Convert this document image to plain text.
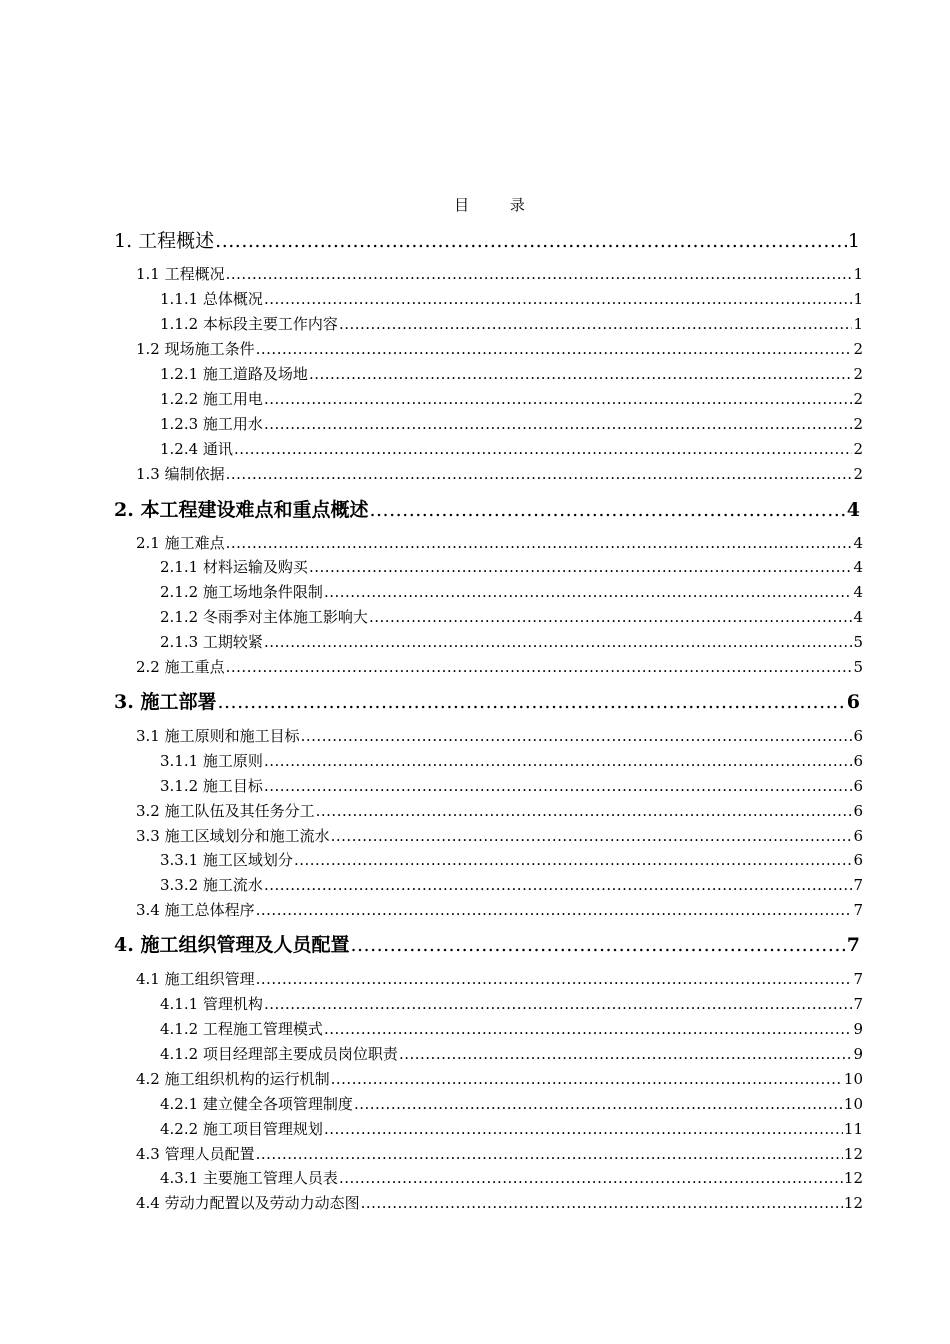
目 录
1. 工程概述 .....	1
1.1 工程概况 .....	1
1.1.1 总体概况 .....	1
1.1.2 本标段主要工作内容 .....	1
1.2 现场施工条件 .....	2
1.2.1 施工道路及场地 .....	2
1.2.2 施工用电 .....	2
1.2.3 施工用水 .....	2
1.2.4 通讯 .....	2
1.3 编制依据 .....	2
2. 本工程建设难点和重点概述 .....	4
2.1 施工难点 .....	4
2.1.1 材料运输及购买 .....	4
2.1.2 施工场地条件限制 .....	4
2.1.2 冬雨季对主体施工影响大 .....	4
2.1.3 工期较紧 .....	5
2.2 施工重点 .....	5
3. 施工部署 .....	6
3.1 施工原则和施工目标 .....	6
3.1.1 施工原则 .....	6
3.1.2 施工目标 .....	6
3.2 施工队伍及其任务分工 .....	6
3.3 施工区域划分和施工流水 .....	6
3.3.1 施工区域划分 .....	6
3.3.2 施工流水 .....	7
3.4 施工总体程序 .....	7
4. 施工组织管理及人员配置 .....	7
4.1 施工组织管理 .....	7
4.1.1 管理机构 .....	7
4.1.2 工程施工管理模式 .....	9
4.1.2 项目经理部主要成员岗位职责 .....	9
4.2 施工组织机构的运行机制 .....	10
4.2.1 建立健全各项管理制度 .....	10
4.2.2 施工项目管理规划 .....	11
4.3 管理人员配置 .....	12
4.3.1 主要施工管理人员表 .....	12
4.4 劳动力配置以及劳动力动态图 .....	12
